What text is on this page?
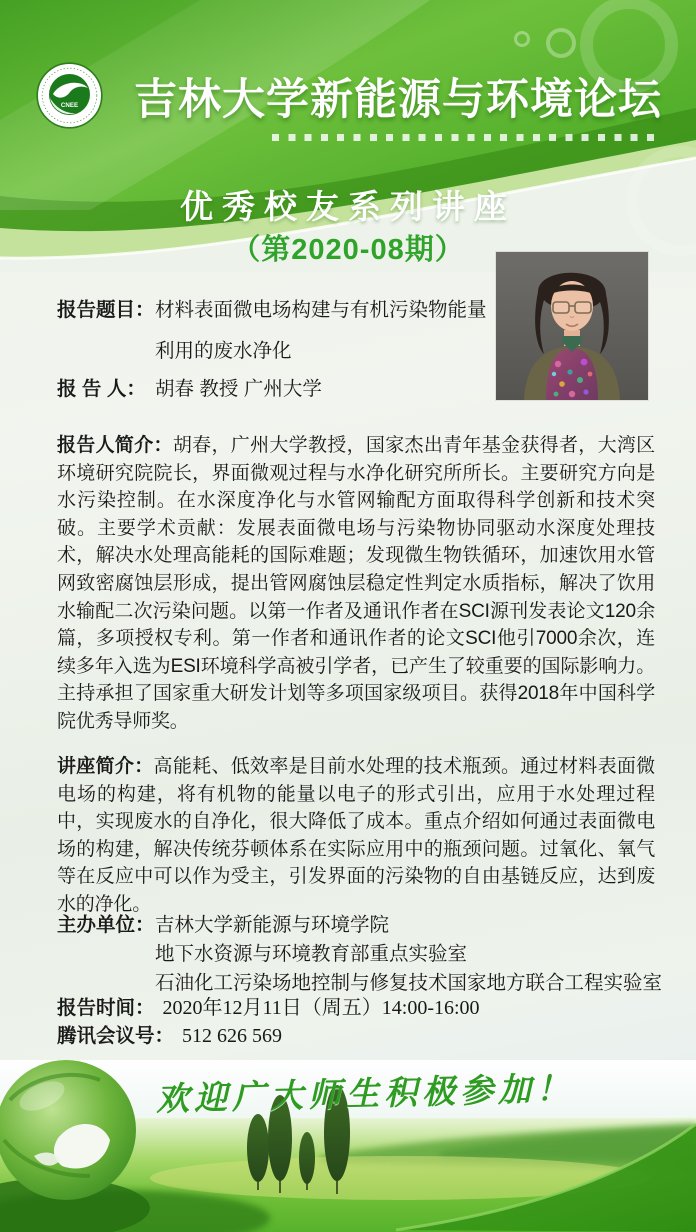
CNEE 吉林大学新能源与环境论坛
优秀校友系列讲座
（第2020-08期）
报告题目： 材料表面微电场构建与有机污染物能量

利用的废水净化
报 告 人： 胡春 教授 广州大学

报告人简介：胡春，广州大学教授，国家杰出青年基金获得者，大湾区环境研究院院长，界面微观过程与水净化研究所所长。主要研究方向是水污染控制。在水深度净化与水管网输配方面取得科学创新和技术突破。主要学术贡献：发展表面微电场与污染物协同驱动水深度处理技术，解决水处理高能耗的国际难题；发现微生物铁循环，加速饮用水管网致密腐蚀层形成，提出管网腐蚀层稳定性判定水质指标，解决了饮用水输配二次污染问题。以第一作者及通讯作者在SCI源刊发表论文120余篇，多项授权专利。第一作者和通讯作者的论文SCI他引7000余次，连续多年入选为ESI环境科学高被引学者，已产生了较重要的国际影响力。主持承担了国家重大研发计划等多项国家级项目。获得2018年中国科学院优秀导师奖。

讲座简介：高能耗、低效率是目前水处理的技术瓶颈。通过材料表面微电场的构建，将有机物的能量以电子的形式引出，应用于水处理过程中，实现废水的自净化，很大降低了成本。重点介绍如何通过表面微电场的构建，解决传统芬顿体系在实际应用中的瓶颈问题。过氧化、氧气等在反应中可以作为受主，引发界面的污染物的自由基链反应，达到废水的净化。

主办单位： 吉林大学新能源与环境学院
地下水资源与环境教育部重点实验室
石油化工污染场地控制与修复技术国家地方联合工程实验室
报告时间： 2020年12月11日（周五）14:00-16:00
腾讯会议号： 512 626 569
欢迎广大师生积极参加！
